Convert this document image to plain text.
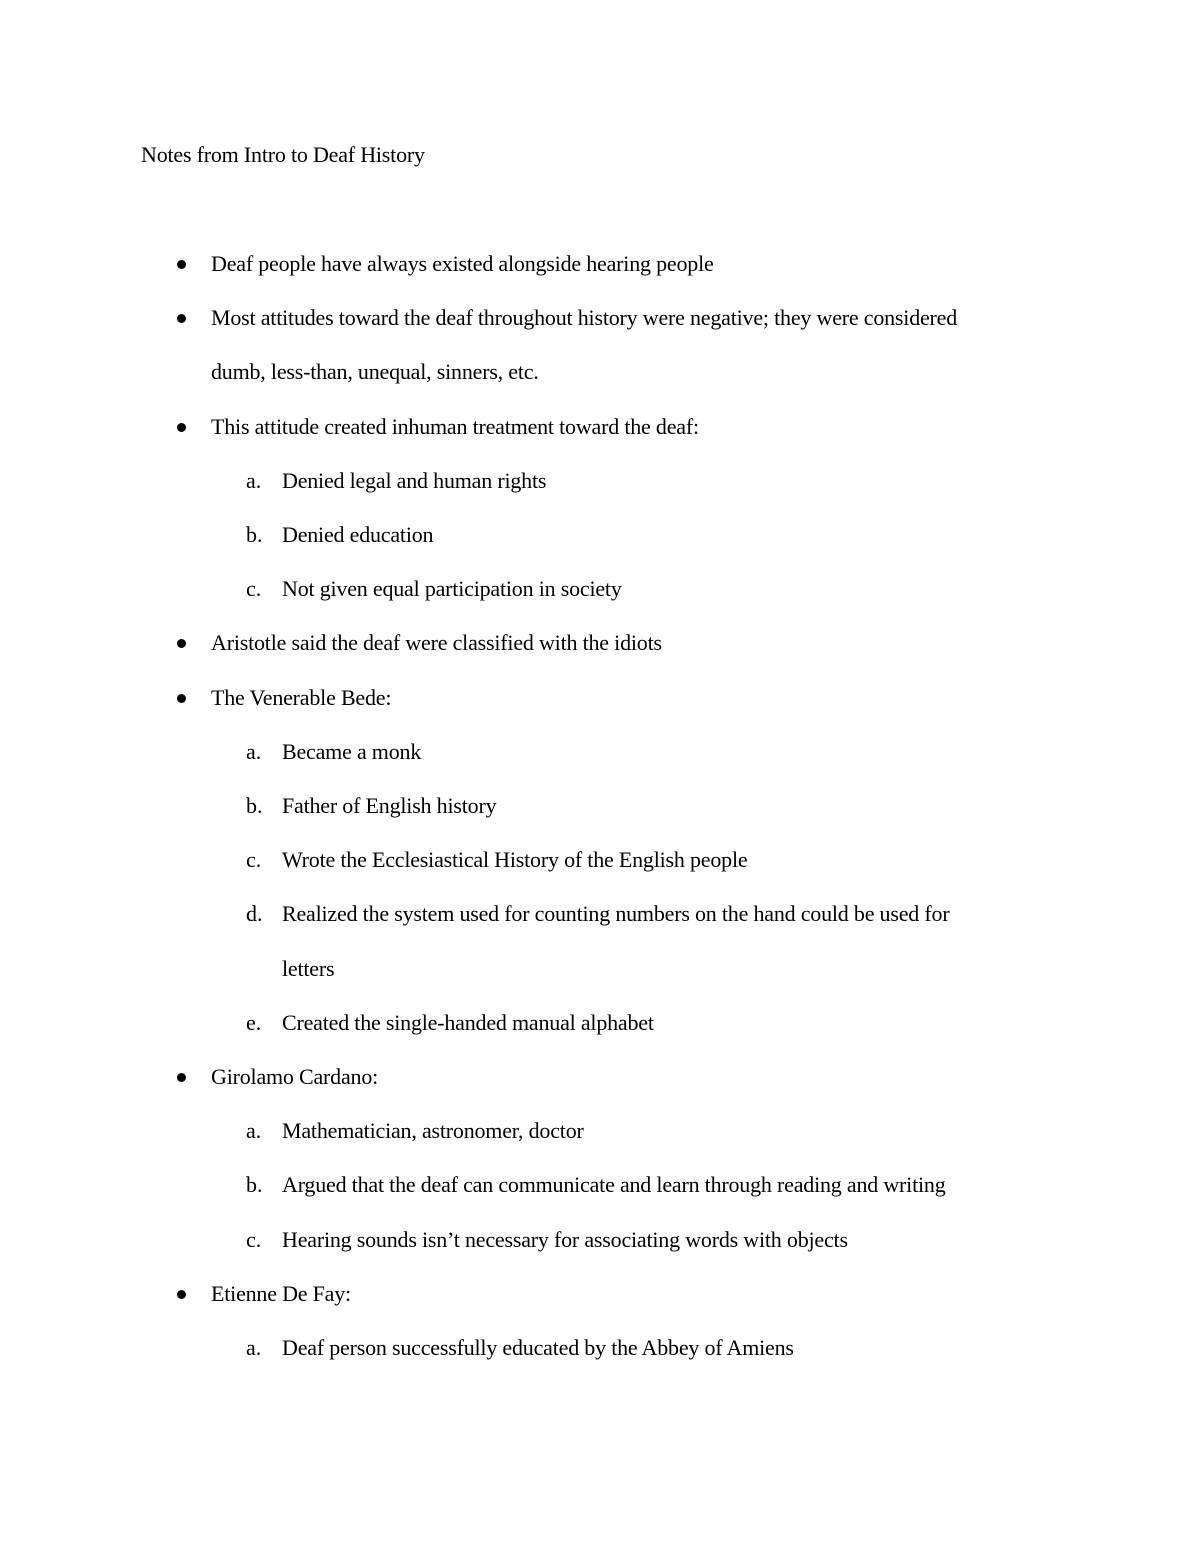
Notes from Intro to Deaf History
Deaf people have always existed alongside hearing people
Most attitudes toward the deaf throughout history were negative; they were considered
dumb, less-than, unequal, sinners, etc.
This attitude created inhuman treatment toward the deaf:
a. Denied legal and human rights
b. Denied education
c. Not given equal participation in society
Aristotle said the deaf were classified with the idiots
The Venerable Bede:
a. Became a monk
b. Father of English history
c. Wrote the Ecclesiastical History of the English people
d. Realized the system used for counting numbers on the hand could be used for
letters
e. Created the single-handed manual alphabet
Girolamo Cardano:
a. Mathematician, astronomer, doctor
b. Argued that the deaf can communicate and learn through reading and writing
c. Hearing sounds isn’t necessary for associating words with objects
Etienne De Fay:
a. Deaf person successfully educated by the Abbey of Amiens
